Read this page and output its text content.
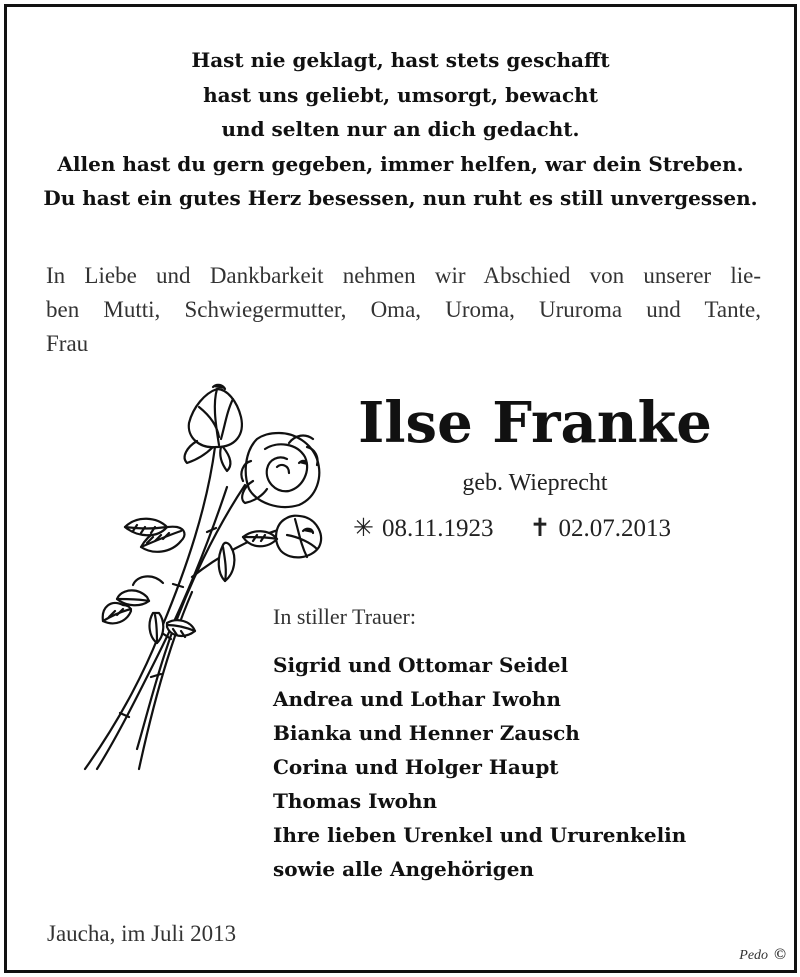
Hast nie geklagt, hast stets geschafft
hast uns geliebt, umsorgt, bewacht
und selten nur an dich gedacht.
Allen hast du gern gegeben, immer helfen, war dein Streben.
Du hast ein gutes Herz besessen, nun ruht es still unvergessen.
In Liebe und Dankbarkeit nehmen wir Abschied von unserer lie-
ben Mutti, Schwiegermutter, Oma, Uroma, Ururoma und Tante,
Frau
Ilse Franke
geb. Wieprecht
✳ 08.11.1923 ✝ 02.07.2013
In stiller Trauer:
Sigrid und Ottomar Seidel
Andrea und Lothar Iwohn
Bianka und Henner Zausch
Corina und Holger Haupt
Thomas Iwohn
Ihre lieben Urenkel und Ururenkelin
sowie alle Angehörigen
Jaucha, im Juli 2013
Pedo ©
